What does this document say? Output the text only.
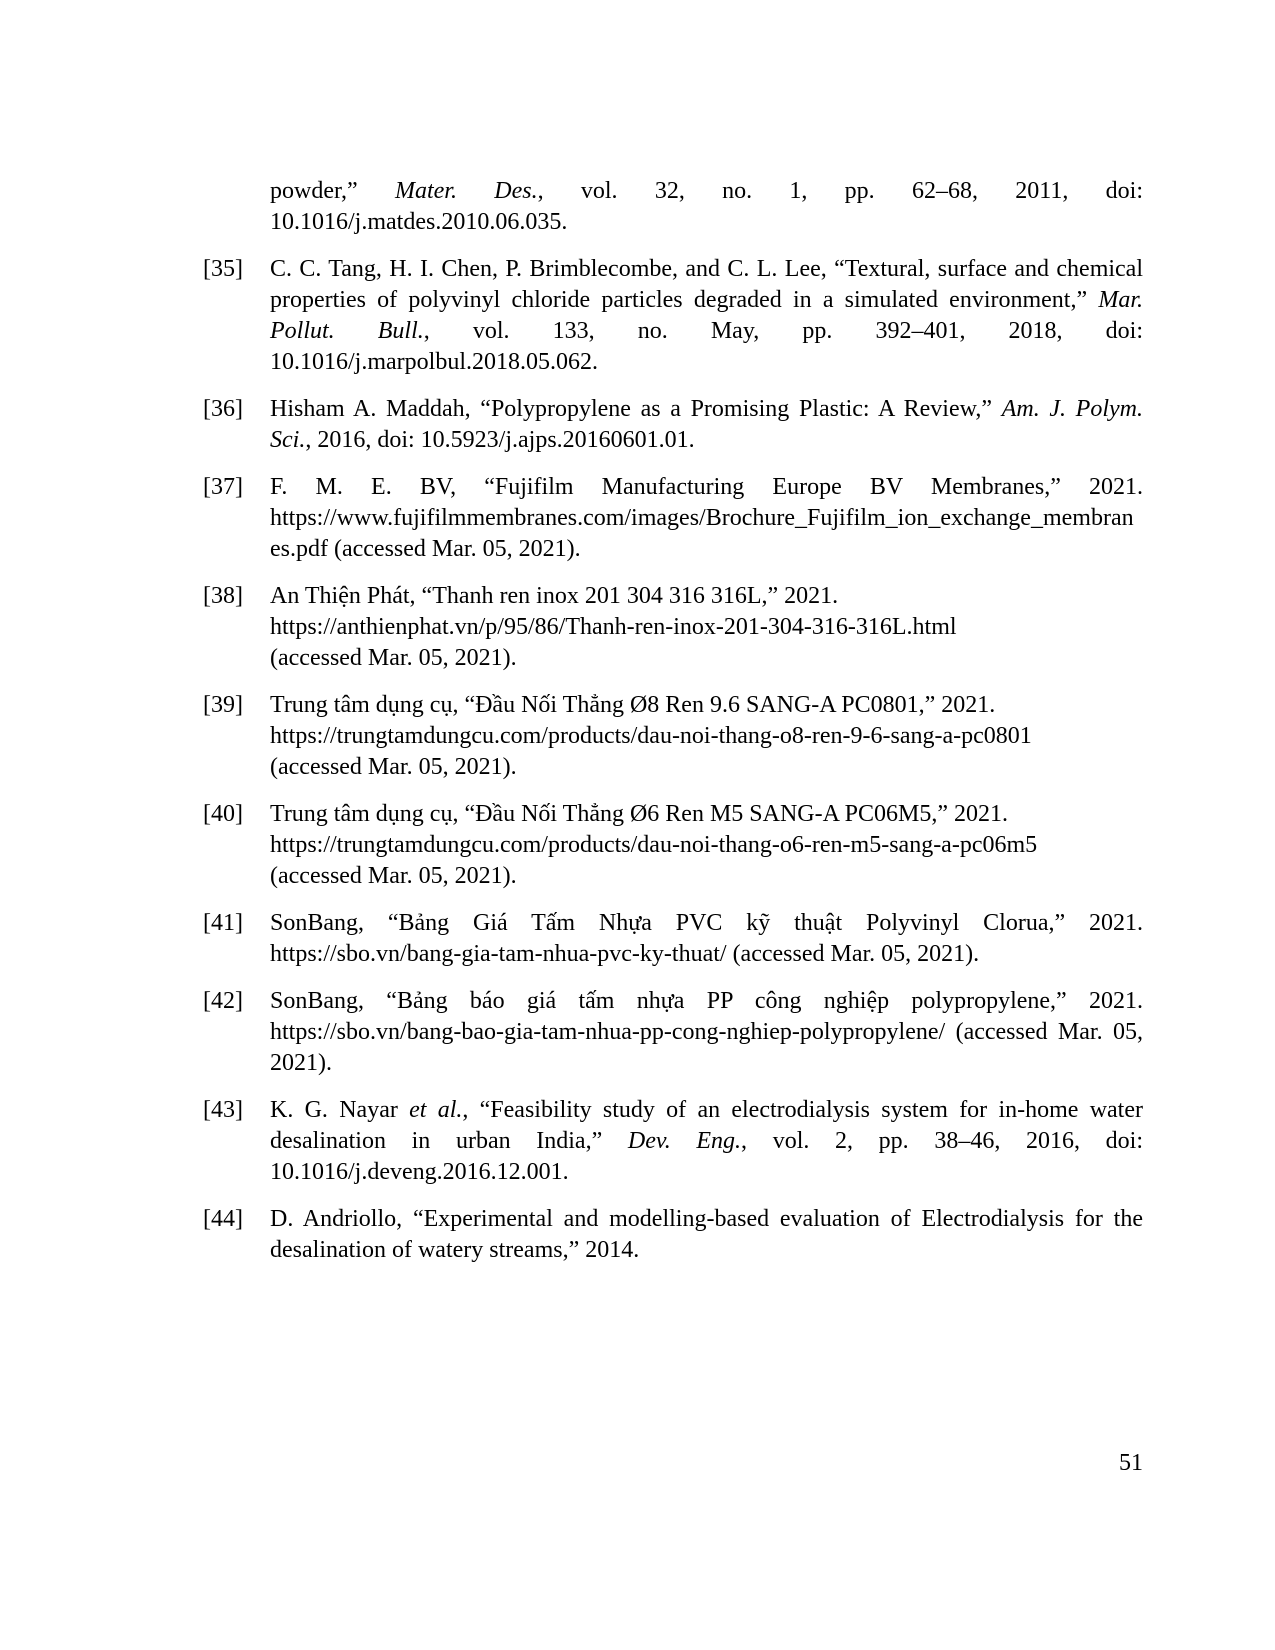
powder,” Mater. Des., vol. 32, no. 1, pp. 62–68, 2011, doi:
10.1016/j.matdes.2010.06.035.
[35]	C. C. Tang, H. I. Chen, P. Brimblecombe, and C. L. Lee, “Textural, surface and chemical properties of polyvinyl chloride particles degraded in a simulated environment,” Mar. Pollut. Bull., vol. 133, no. May, pp. 392–401, 2018, doi: 10.1016/j.marpolbul.2018.05.062.
[36]	Hisham A. Maddah, “Polypropylene as a Promising Plastic: A Review,” Am. J. Polym. Sci., 2016, doi: 10.5923/j.ajps.20160601.01.
[37]	F. M. E. BV, “Fujifilm Manufacturing Europe BV Membranes,” 2021. https://www.fujifilmmembranes.com/images/Brochure_Fujifilm_ion_exchange_membranes.pdf (accessed Mar. 05, 2021).
[38]	An Thiện Phát, “Thanh ren inox 201 304 316 316L,” 2021.
https://anthienphat.vn/p/95/86/Thanh-ren-inox-201-304-316-316L.html
(accessed Mar. 05, 2021).
[39]	Trung tâm dụng cụ, “Đầu Nối Thẳng Ø8 Ren 9.6 SANG-A PC0801,” 2021.
https://trungtamdungcu.com/products/dau-noi-thang-o8-ren-9-6-sang-a-pc0801
(accessed Mar. 05, 2021).
[40]	Trung tâm dụng cụ, “Đầu Nối Thẳng Ø6 Ren M5 SANG-A PC06M5,” 2021.
https://trungtamdungcu.com/products/dau-noi-thang-o6-ren-m5-sang-a-pc06m5
(accessed Mar. 05, 2021).
[41]	SonBang, “Bảng Giá Tấm Nhựa PVC kỹ thuật Polyvinyl Clorua,” 2021. https://sbo.vn/bang-gia-tam-nhua-pvc-ky-thuat/ (accessed Mar. 05, 2021).
[42]	SonBang, “Bảng báo giá tấm nhựa PP công nghiệp polypropylene,” 2021. https://sbo.vn/bang-bao-gia-tam-nhua-pp-cong-nghiep-polypropylene/ (accessed Mar. 05, 2021).
[43]	K. G. Nayar et al., “Feasibility study of an electrodialysis system for in-home water desalination in urban India,” Dev. Eng., vol. 2, pp. 38–46, 2016, doi: 10.1016/j.deveng.2016.12.001.
[44]	D. Andriollo, “Experimental and modelling-based evaluation of Electrodialysis for the desalination of watery streams,” 2014.
51
